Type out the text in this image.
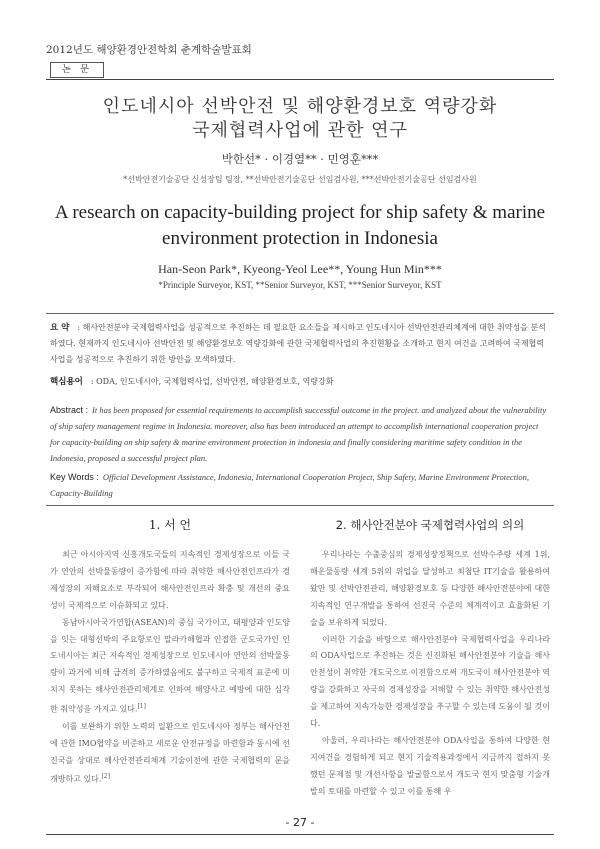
2012년도 해양환경안전학회 춘계학술발표회
논 문
인도네시아 선박안전 및 해양환경보호 역량강화
국제협력사업에 관한 연구
박한선* · 이경열** · 민영훈***
*선박안전기술공단 신성장팀 팀장, **선박안전기술공단 선임검사원, ***선박안전기술공단 선임검사원
A research on capacity-building project for ship safety & marine
environment protection in Indonesia
Han-Seon Park*, Kyeong-Yeol Lee**, Young Hun Min***
*Principle Surveyor, KST, **Senior Surveyor, KST, ***Senior Surveyor, KST
요 약 : 해사안전분야 국제협력사업을 성공적으로 추진하는 데 필요한 요소들을 제시하고 인도네시아 선박안전관리체계에 대한 취약성을 분석하였다. 현재까지 인도네시아 선박안전 및 해양환경보호 역량강화에 관한 국제협력사업의 추진현황을 소개하고 현지 여건을 고려하여 국제협력사업을 성공적으로 추진하기 위한 방안을 모색하였다.
핵심용어 : ODA, 인도네시아, 국제협력사업, 선박안전, 해양환경보호, 역량강화
Abstract : It has been proposed for essential requirements to accomplish successful outcome in the project. and analyzed about the vulnerability of ship safety management regime in Indonesia. moreover, also has been introduced an attempt to accomplish international cooperation project for capacity-building on ship safety & marine environment protection in indonesia and finally considering maritime safety condition in the Indonesia, proposed a successful project plan.
Key Words : Official Development Assistance, Indonesia, International Cooperation Project, Ship Safety, Marine Environment Protection, Capacity-Building
1. 서 언

최근 아시아지역 신흥개도국들의 지속적인 경제성장으로 이들 국가 연안의 선박물동량이 증가함에 따라 취약한 해사안전인프라가 경제성장의 저해요소로 부각되어 해사안전인프라 확충 및 개선의 중요성이 국제적으로 이슈화되고 있다.

동남아시아국가연합(ASEAN)의 중심 국가이고, 태평양과 인도양을 잇는 대형선박의 주요항로인 말라카해협과 인접한 군도국가인 인도네시아는 최근 지속적인 경제성장으로 인도네시아 연안의 선박물동량이 과거에 비해 급격히 증가하였음에도 불구하고 국제적 표준에 미치지 못하는 해사안전관리체계로 인하여 해양사고 예방에 대한 심각한 취약성을 가지고 있다.[1]

이를 보완하기 위한 노력의 일환으로 인도네시아 정부는 해사안전에 관한 IMO협약을 비준하고 새로운 안전규정을 마련함과 동시에 선진국을 상대로 해사안전관리체계 기술이전에 관한 국제협력의 문을 개방하고 있다.[2]

2. 해사안전분야 국제협력사업의 의의

우리나라는 수출중심의 경제성장정책으로 선박수주량 세계 1위, 해운물동량 세계 5위의 위업을 달성하고 최첨단 IT기술을 활용하여왔만 및 선박안전관리, 해양환경보호 등 다양한 해사안전분야에 대한 지속적인 연구개발을 통하여 선진국 수준의 체계적이고 효율화된 기술을 보유하게 되었다.

이러한 기술을 바탕으로 해사안전분야 국제협력사업을 우리나라의 ODA사업으로 추진하는 것은 신진화된 해사안전분야 기술을 해사안전성이 취약한 개도국으로 이전함으로써 개도국이 해사안전분야 역량을 강화하고 자국의 경제성장을 저해할 수 있는 취약한 해사안전성을 제고하여 지속가능한 경제성장을 추구할 수 있는데 도움이 될 것이다.

아울러, 우리나라는 해사안전분야 ODA사업을 통하여 다양한 현지여건을 경험하게 되고 현지 기술적용과정에서 지금까지 접하지 못했던 문제점 및 개선사항을 발굴함으로서 개도국 현지 맞춤형 기술개발의 토대를 마련할 수 있고 이를 통해 우

- 27 -
